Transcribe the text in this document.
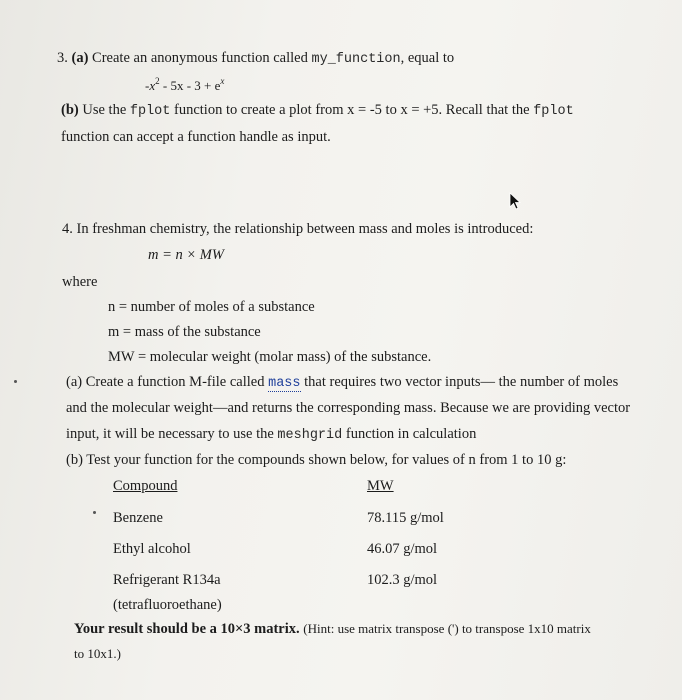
3. (a) Create an anonymous function called my_function, equal to
$-x^2 - 5x - 3 + e^x$
(b) Use the fplot function to create a plot from x = -5 to x = +5. Recall that the fplot
function can accept a function handle as input.
4. In freshman chemistry, the relationship between mass and moles is introduced:
m = n × MW
where
n = number of moles of a substance
m = mass of the substance
MW = molecular weight (molar mass) of the substance.
(a) Create a function M-file called mass that requires two vector inputs— the number of moles
and the molecular weight—and returns the corresponding mass. Because we are providing vector
input, it will be necessary to use the meshgrid function in calculation
(b) Test your function for the compounds shown below, for values of n from 1 to 10 g:
Compound	MW
Benzene	78.115 g/mol
Ethyl alcohol	46.07 g/mol
Refrigerant R134a	102.3 g/mol
(tetrafluoroethane)
Your result should be a 10×3 matrix. (Hint: use matrix transpose (') to transpose 1x10 matrix
to 10x1.)
